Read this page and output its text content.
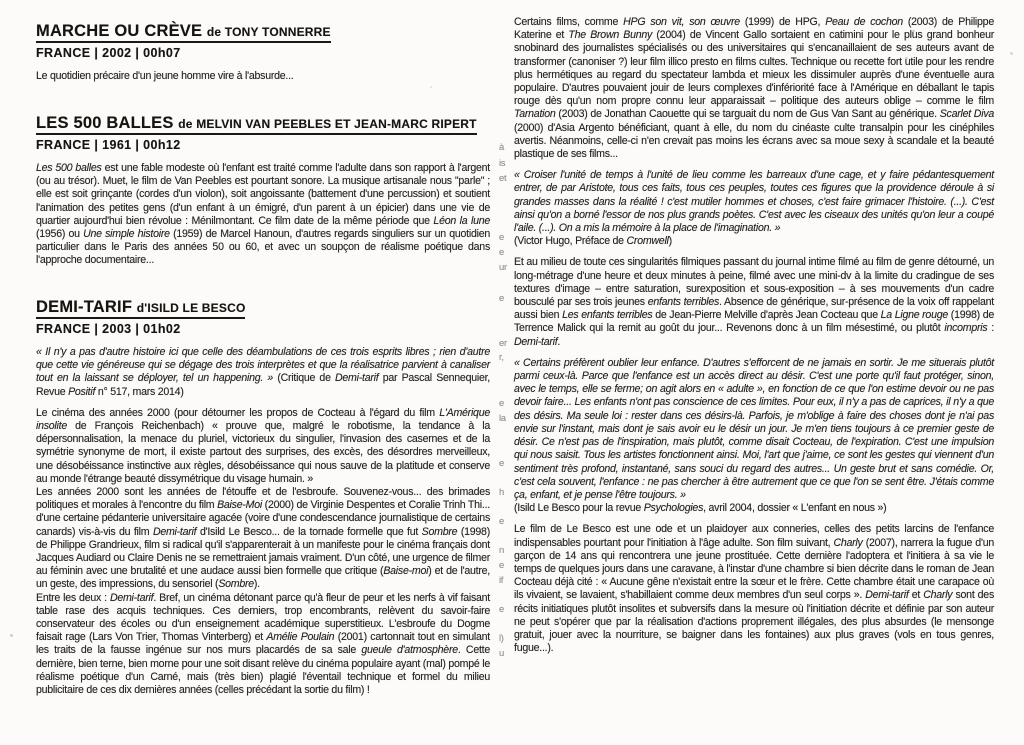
MARCHE OU CRÈVE de TONY TONNERRE
FRANCE | 2002 | 00h07

Le quotidien précaire d'un jeune homme vire à l'absurde...

LES 500 BALLES de MELVIN VAN PEEBLES ET JEAN-MARC RIPERT
FRANCE | 1961 | 00h12

Les 500 balles est une fable modeste où l'enfant est traité comme l'adulte dans son rapport à l'argent (ou au trésor). Muet, le film de Van Peebles est pourtant sonore. La musique artisanale nous "parle" ; elle est soit grinçante (cordes d'un violon), soit angoissante (battement d'une percussion) et soutient l'animation des petites gens (d'un enfant à un émigré, d'un parent à un épicier) dans une vie de quartier aujourd'hui bien révolue : Ménilmontant. Ce film date de la même période que Léon la lune (1956) ou Une simple histoire (1959) de Marcel Hanoun, d'autres regards singuliers sur un quotidien particulier dans le Paris des années 50 ou 60, et avec un soupçon de réalisme poétique dans l'approche documentaire...

DEMI-TARIF d'ISILD LE BESCO
FRANCE | 2003 | 01h02

« Il n'y a pas d'autre histoire ici que celle des déambulations de ces trois esprits libres ; rien d'autre que cette vie généreuse qui se dégage des trois interprètes et que la réalisatrice parvient à canaliser tout en la laissant se déployer, tel un happening. » (Critique de Demi-tarif par Pascal Sennequier, Revue Positif n° 517, mars 2014)

Le cinéma des années 2000 (pour détourner les propos de Cocteau à l'égard du film L'Amérique insolite de François Reichenbach) « prouve que, malgré le robotisme, la tendance à la dépersonnalisation, la menace du pluriel, victorieux du singulier, l'invasion des casernes et de la symétrie synonyme de mort, il existe partout des surprises, des excès, des désordres merveilleux, une désobéissance instinctive aux règles, désobéissance qui nous sauve de la platitude et conserve au monde l'étrange beauté dissymétrique du visage humain. »

Les années 2000 sont les années de l'étouffe et de l'esbroufe. Souvenez-vous... des brimades politiques et morales à l'encontre du film Baise-Moi (2000) de Virginie Despentes et Coralie Trinh Thi... d'une certaine pédanterie universitaire agacée (voire d'une condescendance journalistique de certains canards) vis-à-vis du film Demi-tarif d'Isild Le Besco... de la tornade formelle que fut Sombre (1998) de Philippe Grandrieux, film si radical qu'il s'apparenterait à un manifeste pour le cinéma français dont Jacques Audiard ou Claire Denis ne se remettraient jamais vraiment. D'un côté, une urgence de filmer au féminin avec une brutalité et une audace aussi bien formelle que critique (Baise-moi) et de l'autre, un geste, des impressions, du sensoriel (Sombre).

Entre les deux : Demi-tarif. Bref, un cinéma détonant parce qu'à fleur de peur et les nerfs à vif faisant table rase des acquis techniques. Ces derniers, trop encombrants, relèvent du savoir-faire conservateur des écoles ou d'un enseignement académique superstitieux. L'esbroufe du Dogme faisait rage (Lars Von Trier, Thomas Vinterberg) et Amélie Poulain (2001) cartonnait tout en simulant les traits de la fausse ingénue sur nos murs placardés de sa sale gueule d'atmosphère. Cette dernière, bien terne, bien morne pour une soit disant relève du cinéma populaire ayant (mal) pompé le réalisme poétique d'un Carné, mais (très bien) plagié l'éventail technique et formel du milieu publicitaire de ces dix dernières années (celles précédant la sortie du film) !

Certains films, comme HPG son vit, son œuvre (1999) de HPG, Peau de cochon (2003) de Philippe Katerine et The Brown Bunny (2004) de Vincent Gallo sortaient en catimini pour le plus grand bonheur snobinard des journalistes spécialisés ou des universitaires qui s'encanaillaient de ses auteurs avant de transformer (canoniser ?) leur film illico presto en films cultes. Technique ou recette fort utile pour les rendre plus hermétiques au regard du spectateur lambda et mieux les dissimuler auprès d'une éventuelle aura populaire. D'autres pouvaient jouir de leurs complexes d'infériorité face à l'Amérique en déballant le tapis rouge dès qu'un nom propre connu leur apparaissait – politique des auteurs oblige – comme le film Tarnation (2003) de Jonathan Caouette qui se targuait du nom de Gus Van Sant au générique. Scarlet Diva (2000) d'Asia Argento bénéficiant, quant à elle, du nom du cinéaste culte transalpin pour les cinéphiles avertis. Néanmoins, celle-ci n'en crevait pas moins les écrans avec sa moue sexy à scandale et la beauté plastique de ses films...

« Croiser l'unité de temps à l'unité de lieu comme les barreaux d'une cage, et y faire pédantesquement entrer, de par Aristote, tous ces faits, tous ces peuples, toutes ces figures que la providence déroule à si grandes masses dans la réalité ! c'est mutiler hommes et choses, c'est faire grimacer l'histoire. (...). C'est ainsi qu'on a borné l'essor de nos plus grands poètes. C'est avec les ciseaux des unités qu'on leur a coupé l'aile. (...). On a mis la mémoire à la place de l'imagination. »

(Victor Hugo, Préface de Cromwell)

Et au milieu de toute ces singularités filmiques passant du journal intime filmé au film de genre détourné, un long-métrage d'une heure et deux minutes à peine, filmé avec une mini-dv à la limite du cradingue de ses textures d'image – entre saturation, surexposition et sous-exposition – à ses mouvements d'un cadre bousculé par ses trois jeunes enfants terribles. Absence de générique, sur-présence de la voix off rappelant aussi bien Les enfants terribles de Jean-Pierre Melville d'après Jean Cocteau que La Ligne rouge (1998) de Terrence Malick qui la remit au goût du jour... Revenons donc à un film mésestimé, ou plutôt incompris : Demi-tarif.

« Certains préfèrent oublier leur enfance. D'autres s'efforcent de ne jamais en sortir. Je me situerais plutôt parmi ceux-là. Parce que l'enfance est un accès direct au désir. C'est une porte qu'il faut protéger, sinon, avec le temps, elle se ferme; on agit alors en « adulte », en fonction de ce que l'on estime devoir ou ne pas devoir faire... Les enfants n'ont pas conscience de ces limites. Pour eux, il n'y a pas de caprices, il n'y a que des désirs. Ma seule loi : rester dans ces désirs-là. Parfois, je m'oblige à faire des choses dont je n'ai pas envie sur l'instant, mais dont je sais avoir eu le désir un jour. Je m'en tiens toujours à ce premier geste de désir. Ce n'est pas de l'inspiration, mais plutôt, comme disait Cocteau, de l'expiration. C'est une impulsion qui nous saisit. Tous les artistes fonctionnent ainsi. Moi, l'art que j'aime, ce sont les gestes qui viennent d'un sentiment très profond, instantané, sans souci du regard des autres... Un geste brut et sans comédie. Or, c'est cela souvent, l'enfance : ne pas chercher à être autrement que ce que l'on se sent être. J'étais comme ça, enfant, et je pense l'être toujours. »

(Isild Le Besco pour la revue Psychologies, avril 2004, dossier « L'enfant en nous »)

Le film de Le Besco est une ode et un plaidoyer aux conneries, celles des petits larcins de l'enfance indispensables pourtant pour l'initiation à l'âge adulte. Son film suivant, Charly (2007), narrera la fugue d'un garçon de 14 ans qui rencontrera une jeune prostituée. Cette dernière l'adoptera et l'initiera à sa vie le temps de quelques jours dans une caravane, à l'instar d'une chambre si bien décrite dans le roman de Jean Cocteau déjà cité : « Aucune gêne n'existait entre la sœur et le frère. Cette chambre était une carapace où ils vivaient, se lavaient, s'habillaient comme deux membres d'un seul corps ». Demi-tarif et Charly sont des récits initiatiques plutôt insolites et subversifs dans la mesure où l'initiation décrite et définie par son auteur ne peut s'opérer que par la réalisation d'actions proprement illégales, des plus absurdes (le mensonge gratuit, jouer avec la nourriture, se baigner dans les fontaines) aux plus graves (vols en tous genres, fugue...).

à
is
et
e
e
ur
e
er
r,
e
la
e
h
e
n
e
if
e
l)
u
